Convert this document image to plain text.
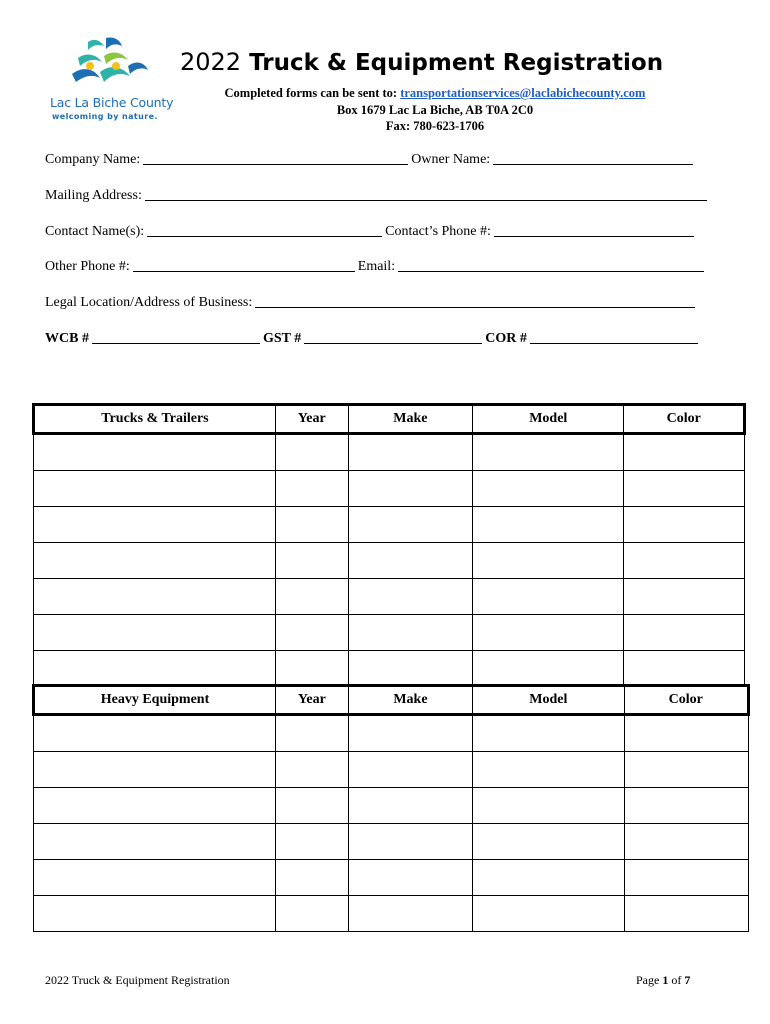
Lac La Biche County
welcoming by nature.
2022 Truck & Equipment Registration
Completed forms can be sent to: transportationservices@laclabichecounty.com
Box 1679 Lac La Biche, AB T0A 2C0
Fax: 780-623-1706
Company Name:	Owner Name:
Mailing Address:
Contact Name(s):	Contact’s Phone #:
Other Phone #:	Email:
Legal Location/Address of Business:
WCB #	GST #	COR #
Trucks & Trailers	Year	Make	Model	Color

Heavy Equipment	Year	Make	Model	Color

2022 Truck & Equipment Registration	Page 1 of 7
